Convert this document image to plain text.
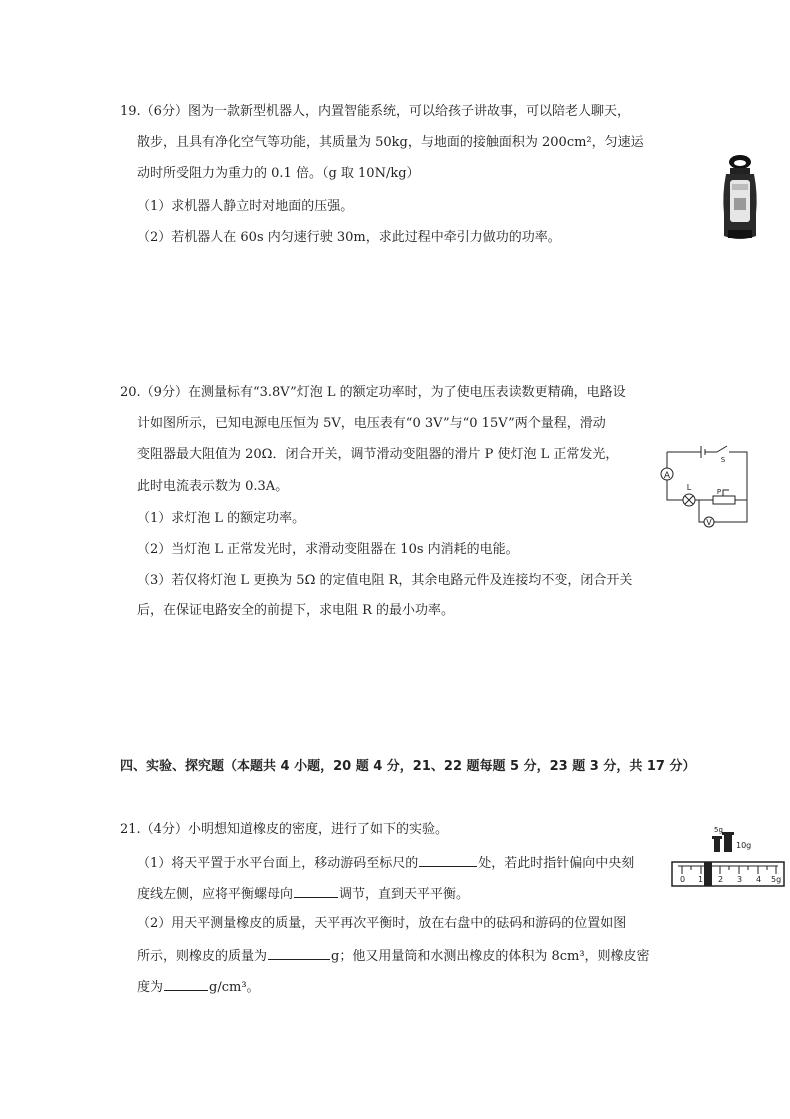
19.（6分）图为一款新型机器人，内置智能系统，可以给孩子讲故事，可以陪老人聊天，
散步，且具有净化空气等功能，其质量为 50kg，与地面的接触面积为 200cm²，匀速运
动时所受阻力为重力的 0.1 倍。（g 取 10N/kg）
（1）求机器人静立时对地面的压强。
（2）若机器人在 60s 内匀速行驶 30m，求此过程中牵引力做功的功率。
20.（9分）在测量标有“3.8V”灯泡 L 的额定功率时，为了使电压表读数更精确，电路设
计如图所示，已知电源电压恒为 5V，电压表有“0 3V”与“0 15V”两个量程，滑动
变阻器最大阻值为 20Ω．闭合开关，调节滑动变阻器的滑片 P 使灯泡 L 正常发光，
此时电流表示数为 0.3A。
（1）求灯泡 L 的额定功率。
（2）当灯泡 L 正常发光时，求滑动变阻器在 10s 内消耗的电能。
（3）若仅将灯泡 L 更换为 5Ω 的定值电阻 R，其余电路元件及连接均不变，闭合开关
后，在保证电路安全的前提下，求电阻 R 的最小功率。
A
V
L	P
S
四、实验、探究题（本题共 4 小题，20 题 4 分，21、22 题每题 5 分，23 题 3 分，共 17 分）
21.（4分）小明想知道橡皮的密度，进行了如下的实验。
（1）将天平置于水平台面上，移动游码至标尺的	处，若此时指针偏向中央刻
度线左侧，应将平衡螺母向	调节，直到天平平衡。
（2）用天平测量橡皮的质量，天平再次平衡时，放在右盘中的砝码和游码的位置如图
所示，则橡皮的质量为	g；他又用量筒和水测出橡皮的体积为 8cm³，则橡皮密
度为	g/cm³。
5g
10g
0 1 2 3 4 5g
